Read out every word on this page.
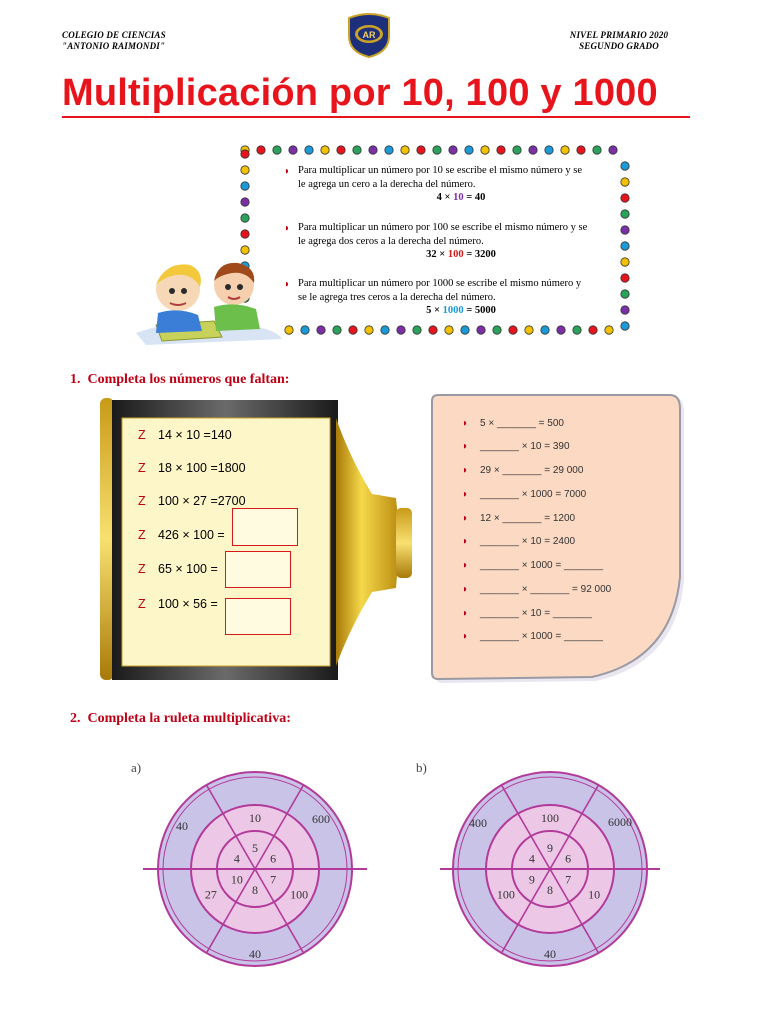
COLEGIO DE CIENCIAS
"ANTONIO RAIMONDI"
NIVEL PRIMARIO 2020
SEGUNDO GRADO
AR
Multiplicación por 10, 100 y 1000
◗ Para multiplicar un número por 10 se escribe el mismo número y se
le agrega un cero a la derecha del número.
4 × 10 = 40
◗ Para multiplicar un número por 100 se escribe el mismo número y se
le agrega dos ceros a la derecha del número.
32 × 100 = 3200
◗ Para multiplicar un número por 1000 se escribe el mismo número y
se le agrega tres ceros a la derecha del número.
5 × 1000 = 5000
1. Completa los números que faltan:
Z 14 × 10 =140
Z 18 × 100 =1800
Z 100 × 27 =2700
Z 426 × 100 =
Z 65 × 100 =
Z 100 × 56 =
◗ 5 × _______ = 500
◗ _______ × 10 = 390
◗ 29 × _______ = 29 000
◗ _______ × 1000 = 7000
◗ 12 × _______ = 1200
◗ _______ × 10 = 2400
◗ _______ × 1000 = _______
◗ _______ × _______ = 92 000
◗ _______ × 10 = _______
◗ _______ × 1000 = _______
2. Completa la ruleta multiplicativa:
a)	b)
5
6
7
8
10
4
10
100
27
600
40
40
9
6
7
8
9
4
100
10
100
6000
40
400
